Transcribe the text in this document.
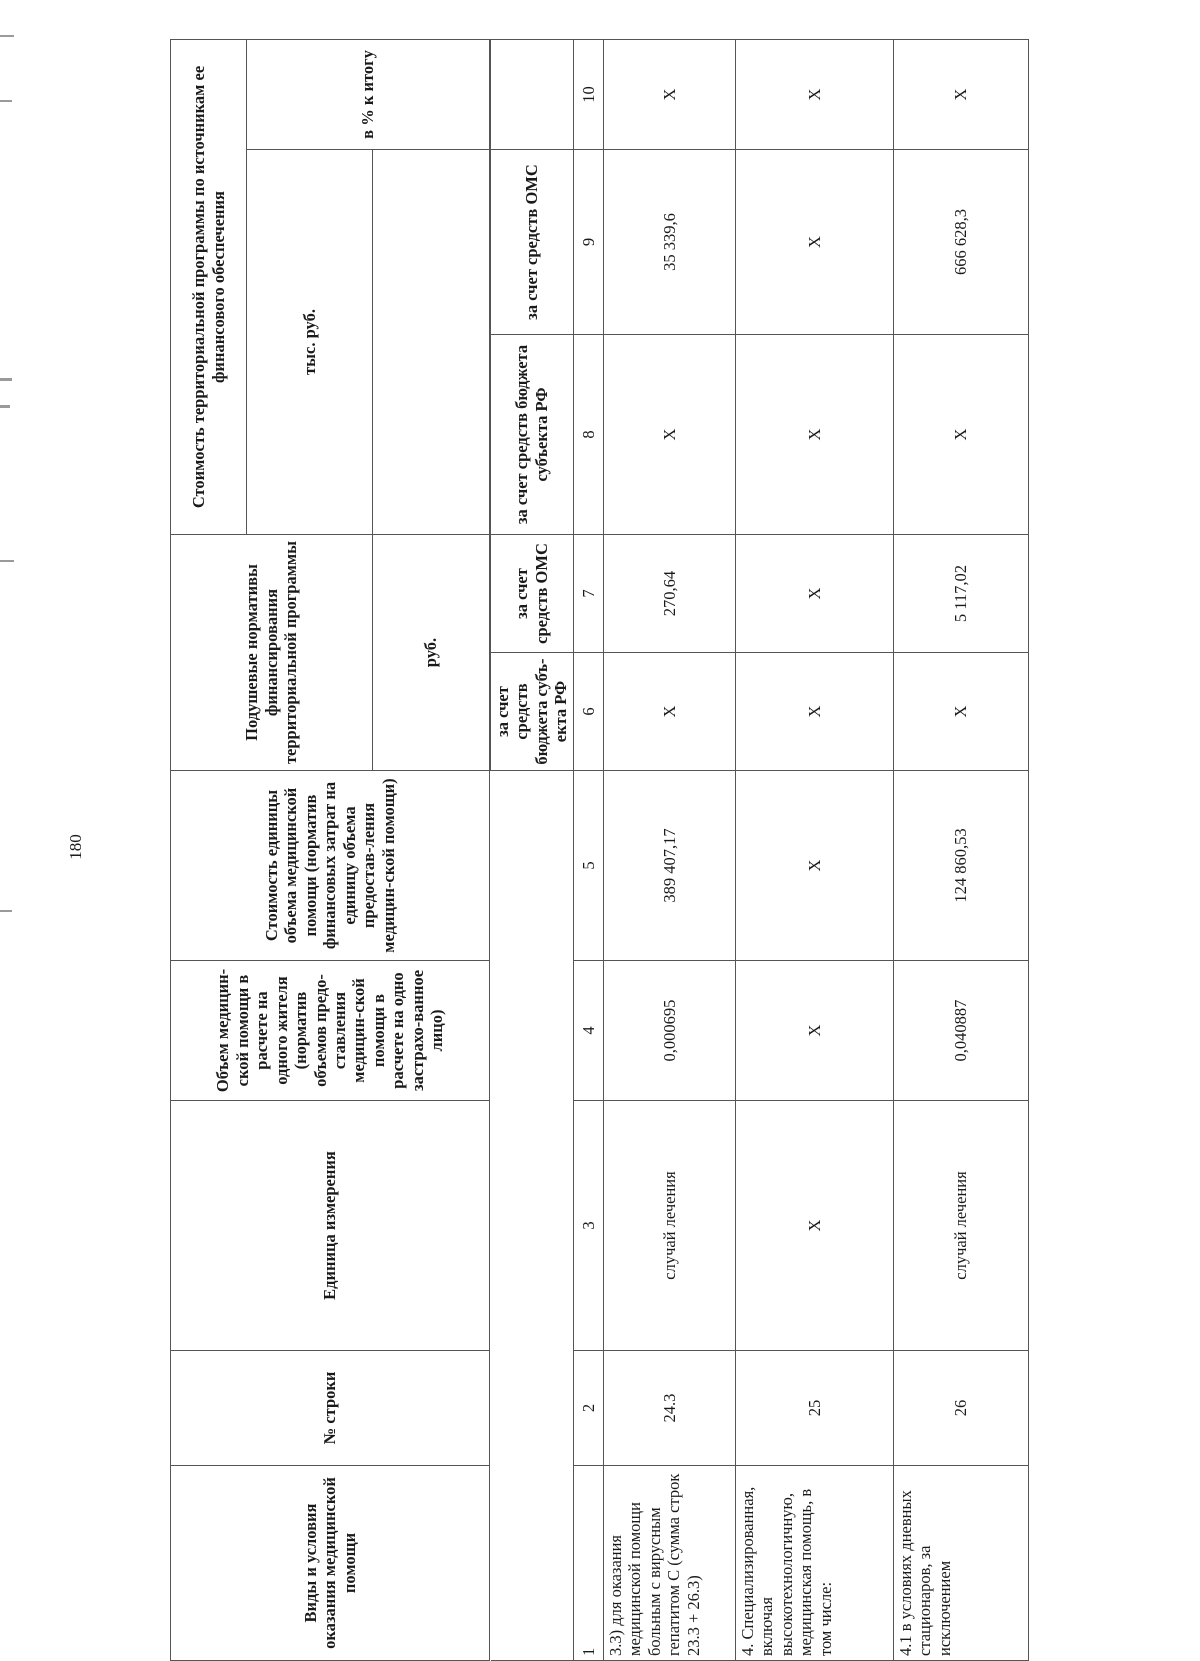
180
Виды и условия оказания медицинской помощи	№ строки	Единица измерения	Объем медицин-ской помощи в расчете на одного жителя (норматив объемов предо-ставления медицин-ской помощи в расчете на одно застрахо-ванное лицо)	Стоимость единицы объема медицинской помощи (норматив финансовых затрат на единицу объема предостав-ления медицин-ской помощи)	Подушевые нормативы финансирования территориальной программы		Стоимость территориальной программы по источникам ее финансового обеспечения		
							тыс. руб.		в % к итогу
					руб.				

					за счет средств бюджета субъ-екта РФ	за счет средств ОМС	за счет средств бюджета субъекта РФ	за счет средств ОМС	
1	2	3	4	5	6	7	8	9	10
3.3) для оказания медицинской помощи больным с вирусным гепатитом С (сумма строк 23.3 + 26.3)	24.3	случай лечения	0,000695	389 407,17	Х	270,64	Х	35 339,6	Х
4. Специализированная, включая высокотехнологичную, медицинская помощь, в том числе:	25	Х	Х	Х	Х	Х	Х	Х	Х
4.1 в условиях дневных стационаров, за исключением	26	случай лечения	0,040887	124 860,53	Х	5 117,02	Х	666 628,3	Х
